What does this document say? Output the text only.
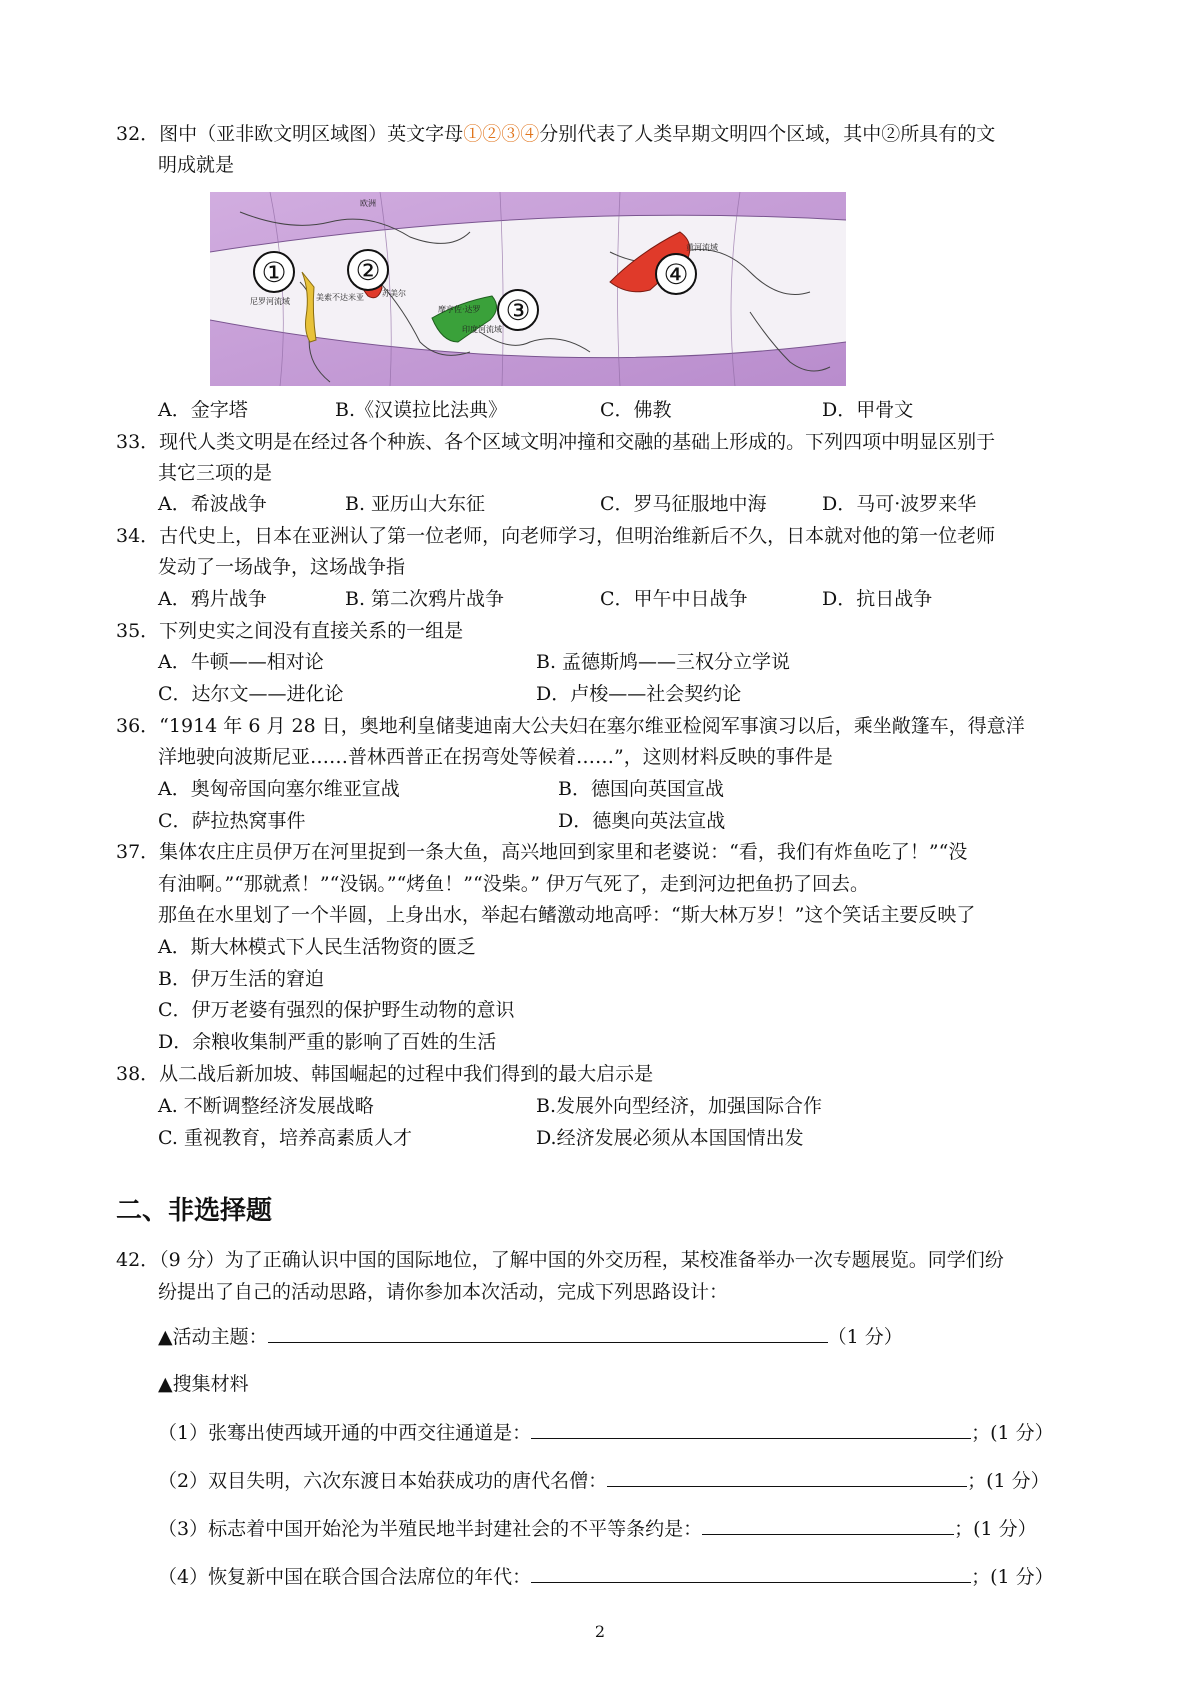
32．图中（亚非欧文明区域图）英文字母①②③④分别代表了人类早期文明四个区域，其中②所具有的文
明成就是
① ②
③
④
欧洲
尼罗河流域	美索不达米亚 苏美尔
摩亨佐·达罗
印度河流域
黄河流域
A．金字塔	B.《汉谟拉比法典》	C．佛教	D．甲骨文
33．现代人类文明是在经过各个种族、各个区域文明冲撞和交融的基础上形成的。下列四项中明显区别于
其它三项的是
A．希波战争	B. 亚历山大东征	C．罗马征服地中海	D．马可·波罗来华
34．古代史上，日本在亚洲认了第一位老师，向老师学习，但明治维新后不久，日本就对他的第一位老师
发动了一场战争，这场战争指
A．鸦片战争	B. 第二次鸦片战争	C．甲午中日战争	D．抗日战争
35．下列史实之间没有直接关系的一组是
A．牛顿——相对论	B. 孟德斯鸠——三权分立学说
C．达尔文——进化论	D．卢梭——社会契约论
36．“1914 年 6 月 28 日，奥地利皇储斐迪南大公夫妇在塞尔维亚检阅军事演习以后，乘坐敞篷车，得意洋
洋地驶向波斯尼亚……普林西普正在拐弯处等候着……”，这则材料反映的事件是
A．奥匈帝国向塞尔维亚宣战	B．德国向英国宣战
C．萨拉热窝事件	D．德奥向英法宣战
37．集体农庄庄员伊万在河里捉到一条大鱼，高兴地回到家里和老婆说：“看，我们有炸鱼吃了！”“没
有油啊。”“那就煮！”“没锅。”“烤鱼！”“没柴。” 伊万气死了，走到河边把鱼扔了回去。
那鱼在水里划了一个半圆，上身出水，举起右鳍激动地高呼：“斯大林万岁！”这个笑话主要反映了
A．斯大林模式下人民生活物资的匮乏
B．伊万生活的窘迫
C．伊万老婆有强烈的保护野生动物的意识
D．余粮收集制严重的影响了百姓的生活
38．从二战后新加坡、韩国崛起的过程中我们得到的最大启示是
A. 不断调整经济发展战略	B.发展外向型经济，加强国际合作
C. 重视教育，培养高素质人才	D.经济发展必须从本国国情出发
二、非选择题
42．（9 分）为了正确认识中国的国际地位，了解中国的外交历程，某校准备举办一次专题展览。同学们纷
纷提出了自己的活动思路，请你参加本次活动，完成下列思路设计：
▲活动主题：	（1 分）
▲搜集材料
（1）张骞出使西域开通的中西交往通道是：	；(1 分）
（2）双目失明，六次东渡日本始获成功的唐代名僧：	；(1 分）
（3）标志着中国开始沦为半殖民地半封建社会的不平等条约是：	；(1 分）
（4）恢复新中国在联合国合法席位的年代：	；(1 分）
2
